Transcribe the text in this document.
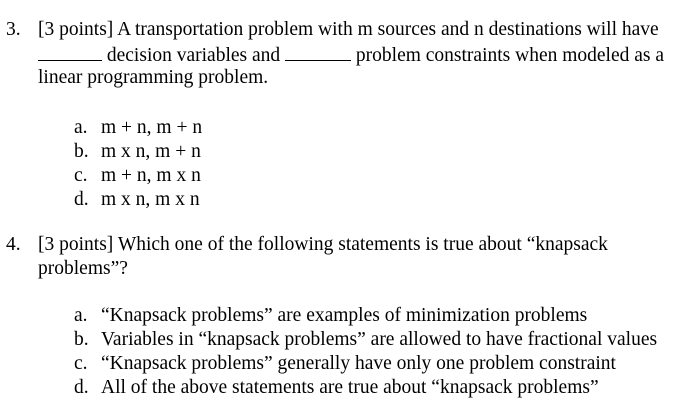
3. [3 points] A transportation problem with m sources and n destinations will have
decision variables and	problem constraints when modeled as a
linear programming problem.
a. m + n, m + n
b. m x n, m + n
c. m + n, m x n
d. m x n, m x n
4. [3 points] Which one of the following statements is true about “knapsack
problems”?
a. “Knapsack problems” are examples of minimization problems
b. Variables in “knapsack problems” are allowed to have fractional values
c. “Knapsack problems” generally have only one problem constraint
d. All of the above statements are true about “knapsack problems”
